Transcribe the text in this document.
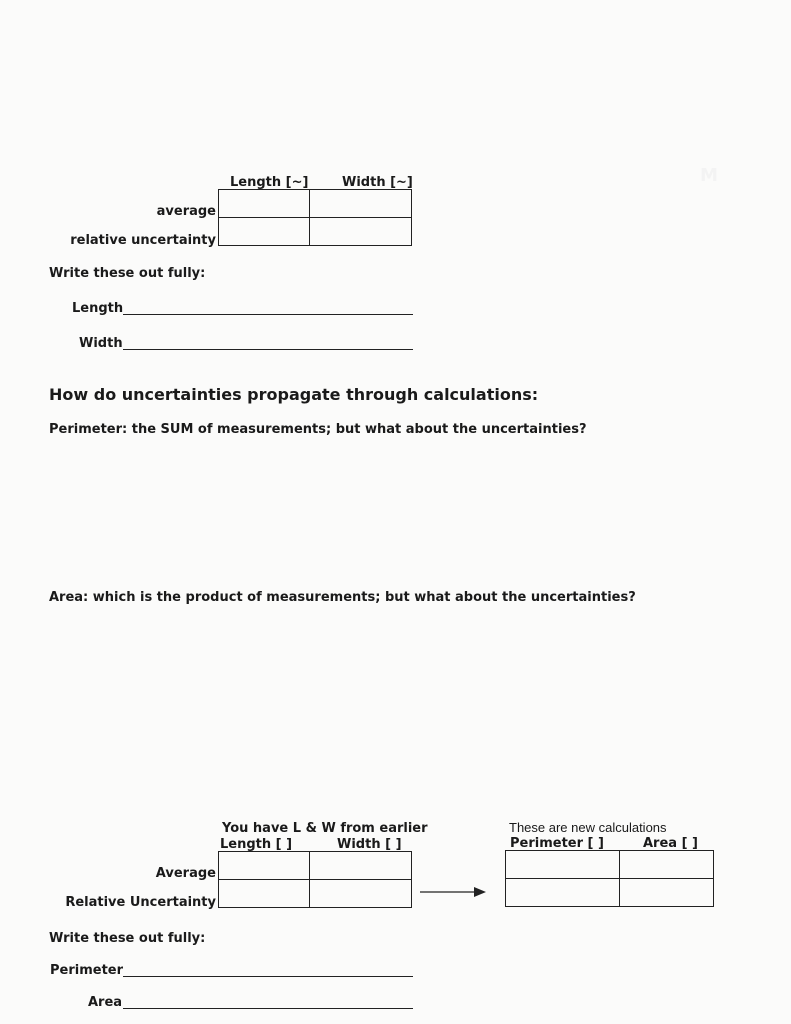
M
Length [~]	Width [~]
average
relative uncertainty

Write these out fully:
Length
Width
How do uncertainties propagate through calculations:
Perimeter: the SUM of measurements; but what about the uncertainties?
Area: which is the product of measurements; but what about the uncertainties?
You have L & W from earlier
Length [ ]	Width [ ]
Average
Relative Uncertainty

These are new calculations
Perimeter [ ]	Area [ ]

Write these out fully:
Perimeter
Area
